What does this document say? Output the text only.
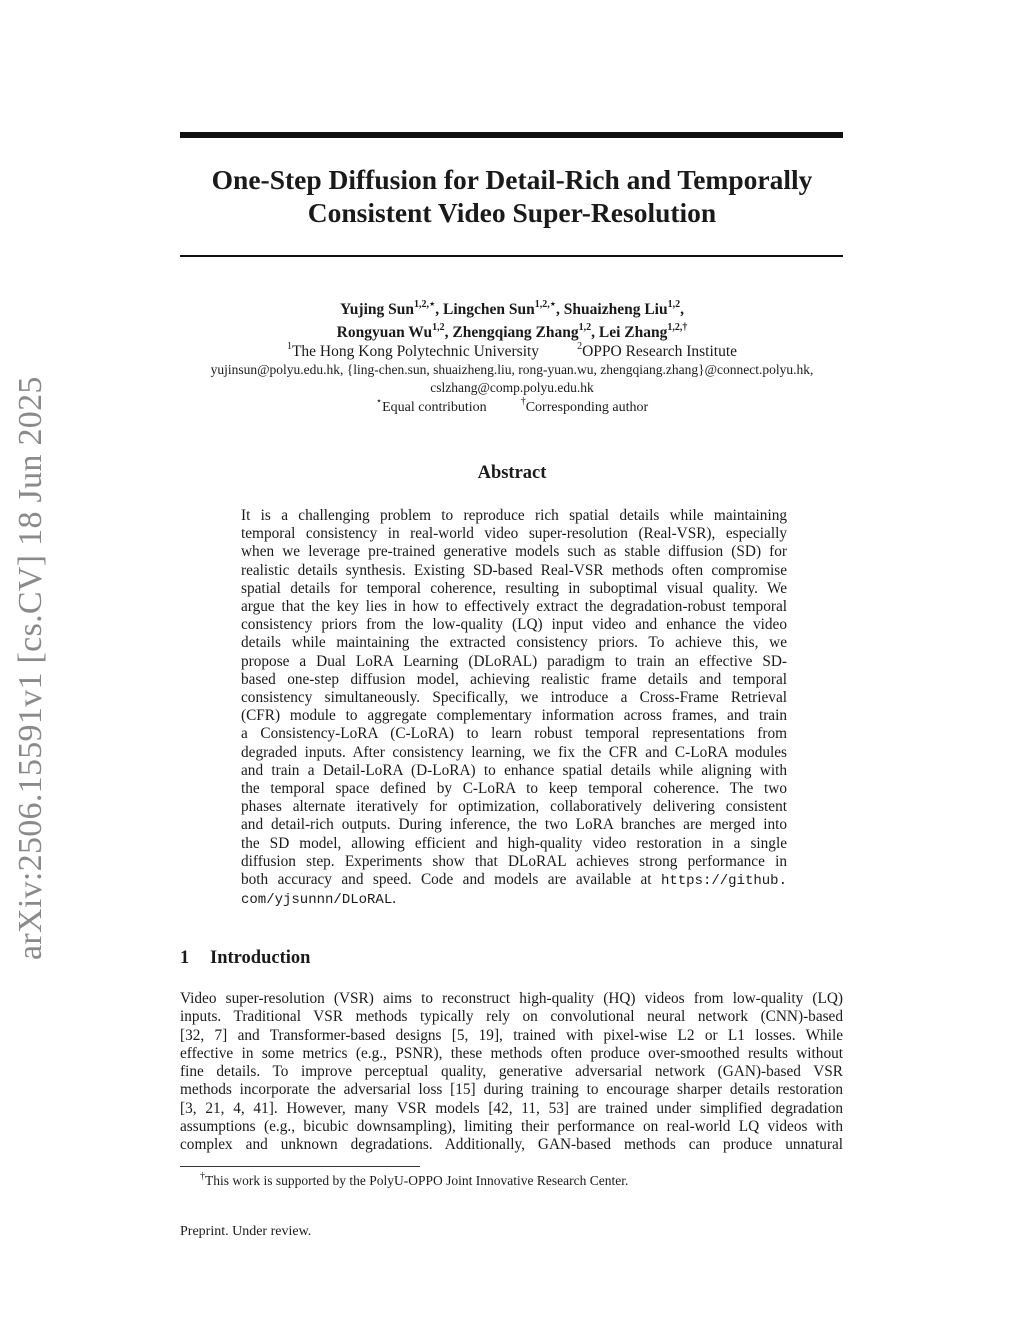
arXiv:2506.15591v1 [cs.CV] 18 Jun 2025
One-Step Diffusion for Detail-Rich and Temporally
Consistent Video Super-Resolution
Yujing Sun$^{1,2,⋆}$, Lingchen Sun$^{1,2,⋆}$, Shuaizheng Liu$^{1,2}$,
Rongyuan Wu$^{1,2}$, Zhengqiang Zhang$^{1,2}$, Lei Zhang$^{1,2,\dagger}$
$^1$The Hong Kong Polytechnic University	$^2$OPPO Research Institute
yujinsun@polyu.edu.hk, {ling-chen.sun, shuaizheng.liu, rong-yuan.wu, zhengqiang.zhang}@connect.polyu.hk,
cslzhang@comp.polyu.edu.hk
⋆Equal contribution	†Corresponding author
Abstract
It is a challenging problem to reproduce rich spatial details while maintaining
temporal consistency in real-world video super-resolution (Real-VSR), especially
when we leverage pre-trained generative models such as stable diffusion (SD) for
realistic details synthesis. Existing SD-based Real-VSR methods often compromise
spatial details for temporal coherence, resulting in suboptimal visual quality. We
argue that the key lies in how to effectively extract the degradation-robust temporal
consistency priors from the low-quality (LQ) input video and enhance the video
details while maintaining the extracted consistency priors. To achieve this, we
propose a Dual LoRA Learning (DLoRAL) paradigm to train an effective SD-
based one-step diffusion model, achieving realistic frame details and temporal
consistency simultaneously. Specifically, we introduce a Cross-Frame Retrieval
(CFR) module to aggregate complementary information across frames, and train
a Consistency-LoRA (C-LoRA) to learn robust temporal representations from
degraded inputs. After consistency learning, we fix the CFR and C-LoRA modules
and train a Detail-LoRA (D-LoRA) to enhance spatial details while aligning with
the temporal space defined by C-LoRA to keep temporal coherence. The two
phases alternate iteratively for optimization, collaboratively delivering consistent
and detail-rich outputs. During inference, the two LoRA branches are merged into
the SD model, allowing efficient and high-quality video restoration in a single
diffusion step. Experiments show that DLoRAL achieves strong performance in
both accuracy and speed. Code and models are available at https://github.
com/yjsunnn/DLoRAL.
1 Introduction
Video super-resolution (VSR) aims to reconstruct high-quality (HQ) videos from low-quality (LQ)
inputs. Traditional VSR methods typically rely on convolutional neural network (CNN)-based
[32, 7] and Transformer-based designs [5, 19], trained with pixel-wise L2 or L1 losses. While
effective in some metrics (e.g., PSNR), these methods often produce over-smoothed results without
fine details. To improve perceptual quality, generative adversarial network (GAN)-based VSR
methods incorporate the adversarial loss [15] during training to encourage sharper details restoration
[3, 21, 4, 41]. However, many VSR models [42, 11, 53] are trained under simplified degradation
assumptions (e.g., bicubic downsampling), limiting their performance on real-world LQ videos with
complex and unknown degradations. Additionally, GAN-based methods can produce unnatural
†This work is supported by the PolyU-OPPO Joint Innovative Research Center.
Preprint. Under review.
